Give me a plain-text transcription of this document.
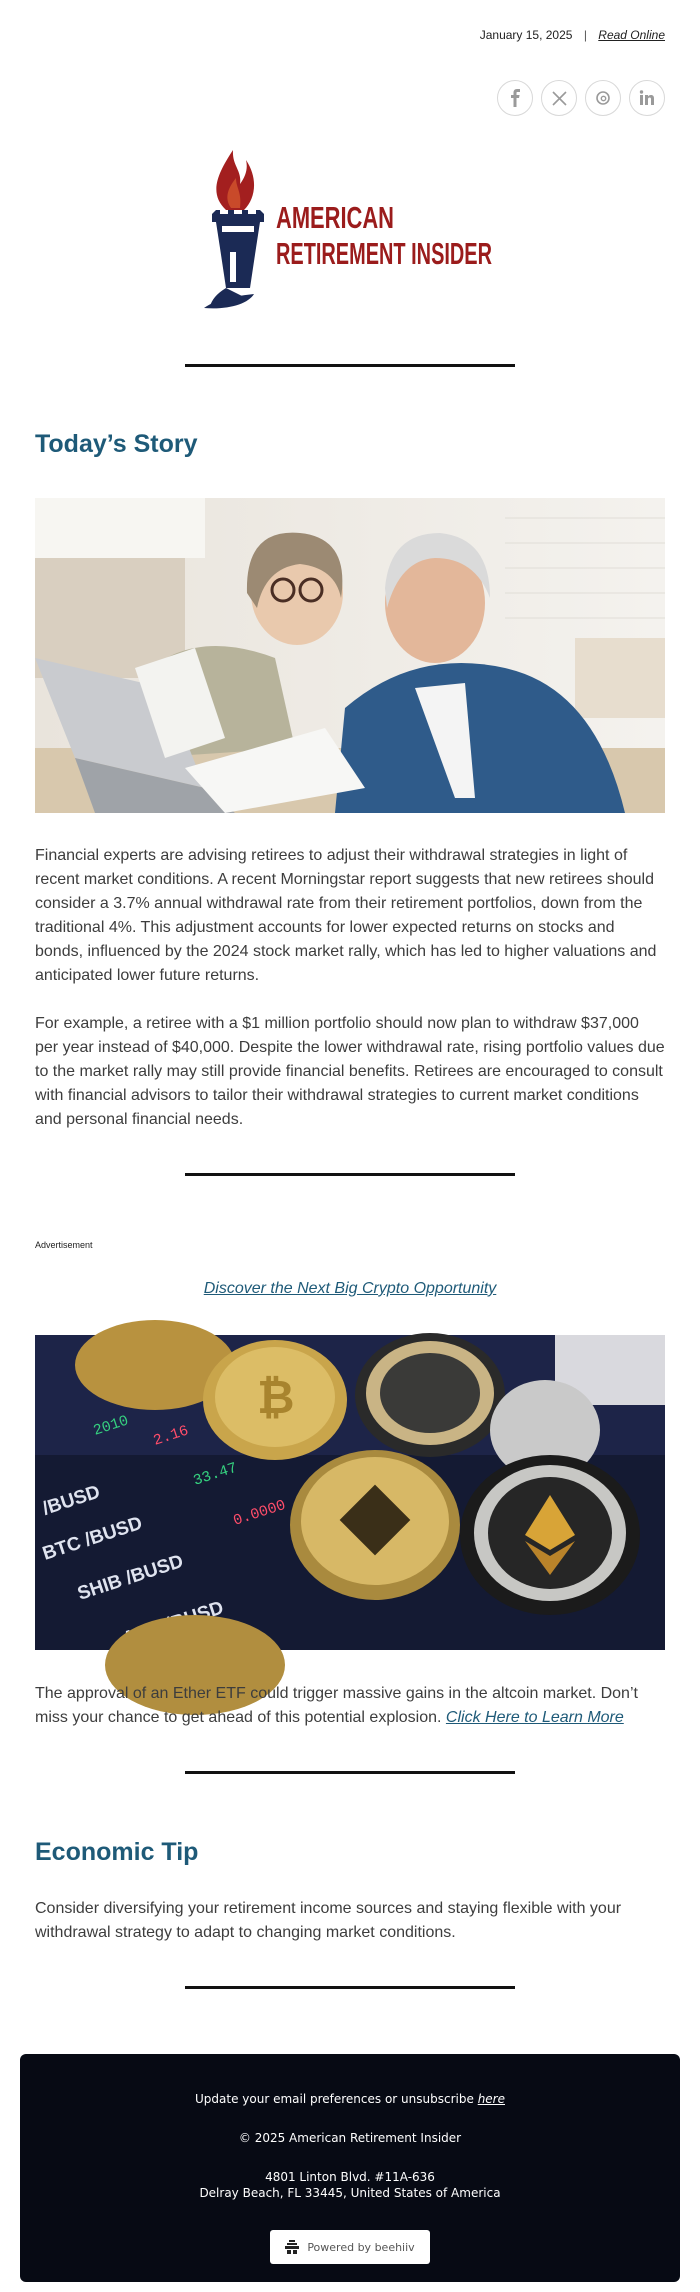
January 15, 2025 | Read Online
AMERICAN
RETIREMENT INSIDER
Today’s Story
Financial experts are advising retirees to adjust their withdrawal strategies in light of recent market conditions. A recent Morningstar report suggests that new retirees should consider a 3.7% annual withdrawal rate from their retirement portfolios, down from the traditional 4%. This adjustment accounts for lower expected returns on stocks and bonds, influenced by the 2024 stock market rally, which has led to higher valuations and anticipated lower future returns.
For example, a retiree with a $1 million portfolio should now plan to withdraw $37,000 per year instead of $40,000. Despite the lower withdrawal rate, rising portfolio values due to the market rally may still provide financial benefits. Retirees are encouraged to consult with financial advisors to tailor their withdrawal strategies to current market conditions and personal financial needs.
Advertisement
Discover the Next Big Crypto Opportunity
BTC /BUSD
SHIB /BUSD
/BUSD
2.16
0.0000
33.47
2010
₿
The approval of an Ether ETF could trigger massive gains in the altcoin market. Don’t miss your chance to get ahead of this potential explosion. Click Here to Learn More
Economic Tip
Consider diversifying your retirement income sources and staying flexible with your withdrawal strategy to adapt to changing market conditions.
Update your email preferences or unsubscribe here
© 2025 American Retirement Insider
4801 Linton Blvd. #11A-636
Delray Beach, FL 33445, United States of America
Powered by beehiiv
